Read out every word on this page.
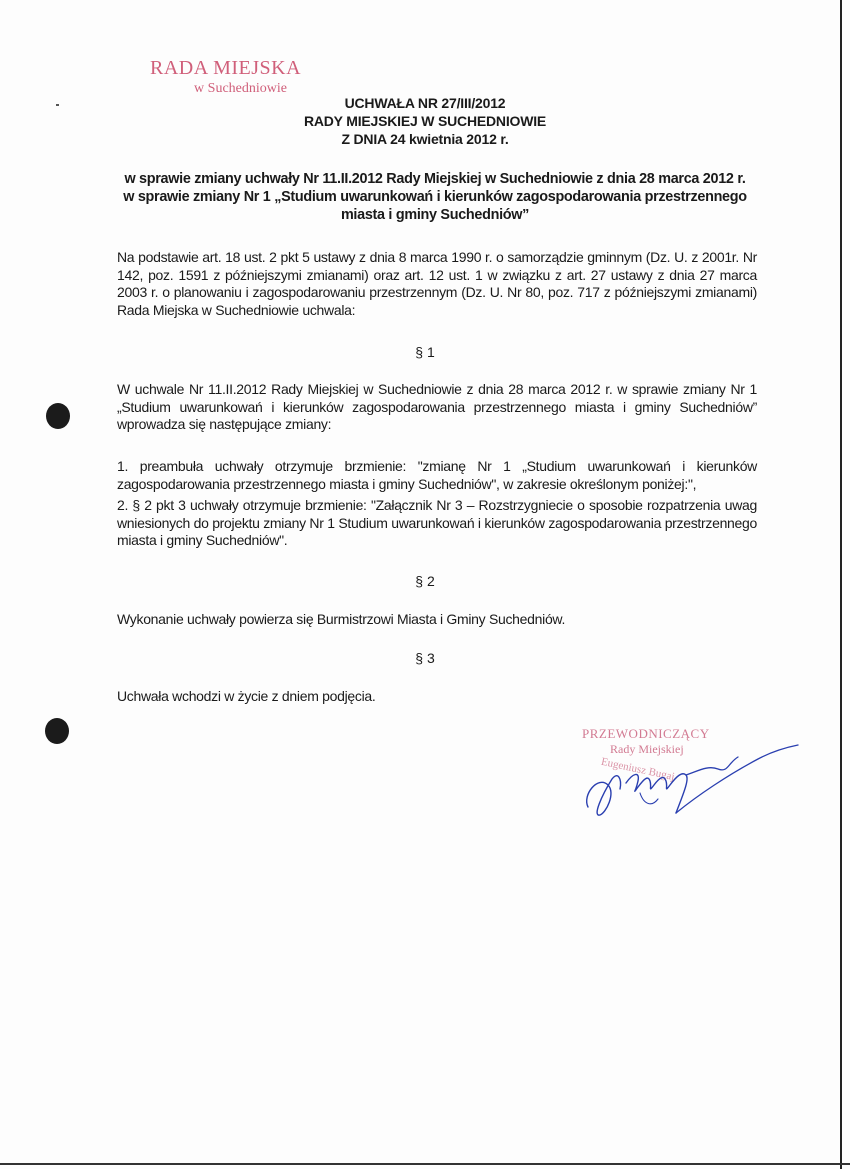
RADA MIEJSKA
w Suchedniowie
UCHWAŁA NR 27/III/2012
RADY MIEJSKIEJ W SUCHEDNIOWIE
Z DNIA 24 kwietnia 2012 r.
w sprawie zmiany uchwały Nr 11.II.2012 Rady Miejskiej w Suchedniowie z dnia 28 marca 2012 r.
w sprawie zmiany Nr 1 „Studium uwarunkowań i kierunków zagospodarowania przestrzennego
miasta i gminy Suchedniów”
Na podstawie art. 18 ust. 2 pkt 5 ustawy z dnia 8 marca 1990 r. o samorządzie gminnym (Dz. U. z 2001r. Nr 142, poz. 1591 z późniejszymi zmianami) oraz art. 12 ust. 1 w związku z art. 27 ustawy z dnia 27 marca 2003 r. o planowaniu i zagospodarowaniu przestrzennym (Dz. U. Nr 80, poz. 717 z późniejszymi zmianami) Rada Miejska w Suchedniowie uchwala:
§ 1
W uchwale Nr 11.II.2012 Rady Miejskiej w Suchedniowie z dnia 28 marca 2012 r. w sprawie zmiany Nr 1 „Studium uwarunkowań i kierunków zagospodarowania przestrzennego miasta i gminy Suchedniów” wprowadza się następujące zmiany:
1. preambuła uchwały otrzymuje brzmienie: "zmianę Nr 1 „Studium uwarunkowań i kierunków zagospodarowania przestrzennego miasta i gminy Suchedniów", w zakresie określonym poniżej:",
2. § 2 pkt 3 uchwały otrzymuje brzmienie: "Załącznik Nr 3 – Rozstrzygniecie o sposobie rozpatrzenia uwag wniesionych do projektu zmiany Nr 1 Studium uwarunkowań i kierunków zagospodarowania przestrzennego miasta i gminy Suchedniów".
§ 2
Wykonanie uchwały powierza się Burmistrzowi Miasta i Gminy Suchedniów.
§ 3
Uchwała wchodzi w życie z dniem podjęcia.
PRZEWODNICZĄCY
Rady Miejskiej
Eugeniusz Bugaj
